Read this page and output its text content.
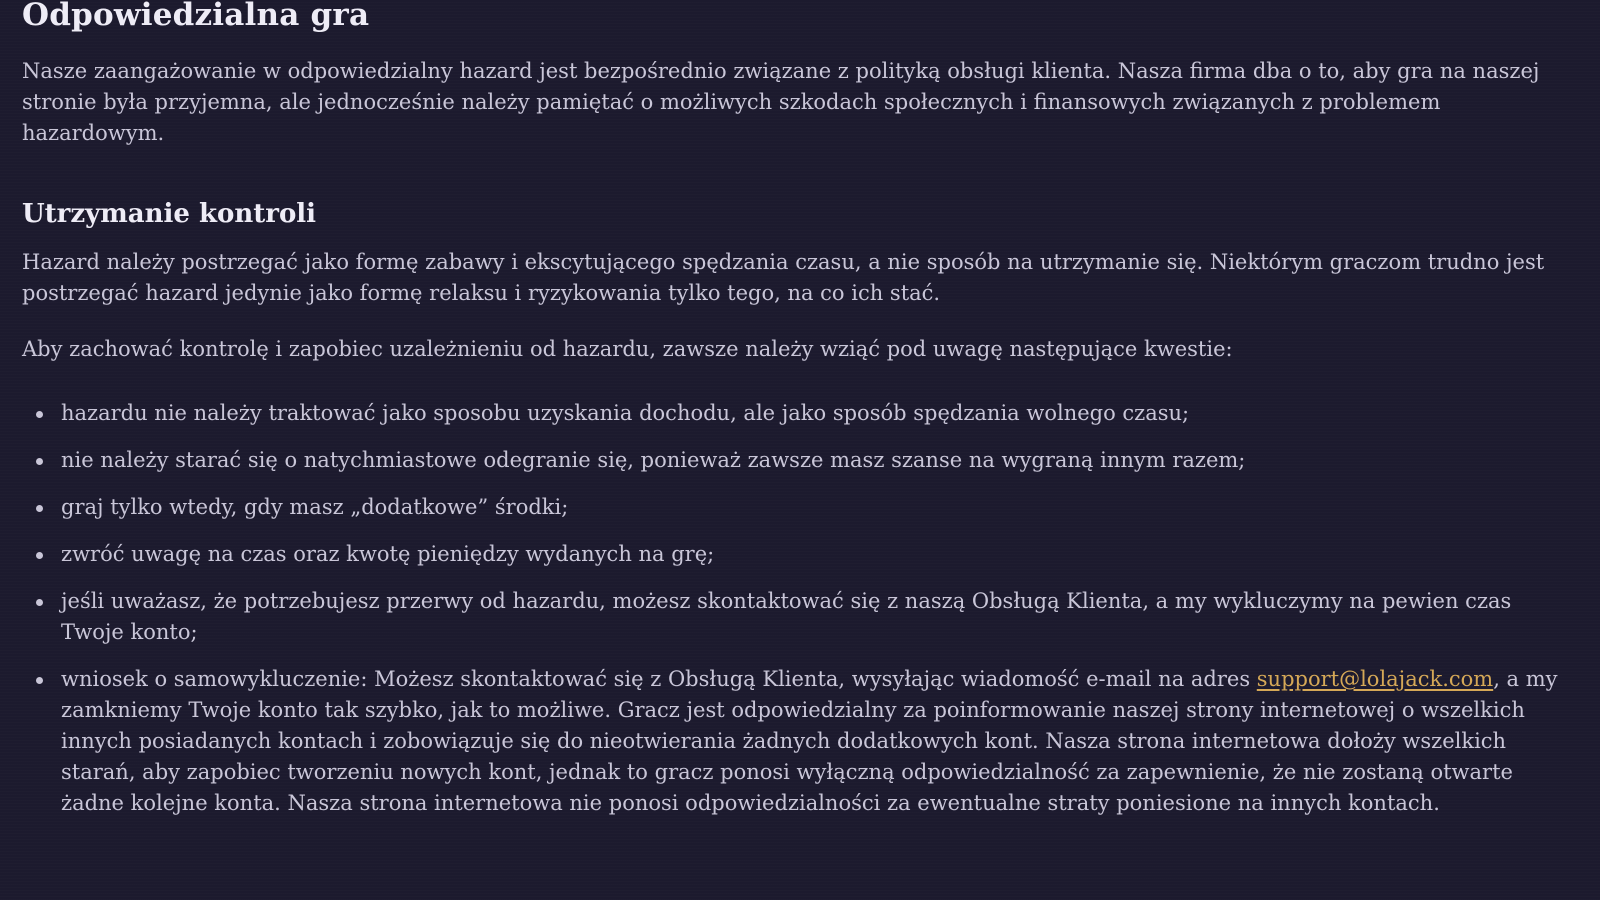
Odpowiedzialna gra

Nasze zaangażowanie w odpowiedzialny hazard jest bezpośrednio związane z polityką obsługi klienta. Nasza firma dba o to, aby gra na naszej stronie była przyjemna, ale jednocześnie należy pamiętać o możliwych szkodach społecznych i finansowych związanych z problemem hazardowym.

Utrzymanie kontroli

Hazard należy postrzegać jako formę zabawy i ekscytującego spędzania czasu, a nie sposób na utrzymanie się. Niektórym graczom trudno jest postrzegać hazard jedynie jako formę relaksu i ryzykowania tylko tego, na co ich stać.

Aby zachować kontrolę i zapobiec uzależnieniu od hazardu, zawsze należy wziąć pod uwagę następujące kwestie:

hazardu nie należy traktować jako sposobu uzyskania dochodu, ale jako sposób spędzania wolnego czasu;
nie należy starać się o natychmiastowe odegranie się, ponieważ zawsze masz szanse na wygraną innym razem;
graj tylko wtedy, gdy masz „dodatkowe” środki;
zwróć uwagę na czas oraz kwotę pieniędzy wydanych na grę;
jeśli uważasz, że potrzebujesz przerwy od hazardu, możesz skontaktować się z naszą Obsługą Klienta, a my wykluczymy na pewien czas Twoje konto;
wniosek o samowykluczenie: Możesz skontaktować się z Obsługą Klienta, wysyłając wiadomość e-mail na adres support@lolajack.com, a my zamkniemy Twoje konto tak szybko, jak to możliwe. Gracz jest odpowiedzialny za poinformowanie naszej strony internetowej o wszelkich innych posiadanych kontach i zobowiązuje się do nieotwierania żadnych dodatkowych kont. Nasza strona internetowa dołoży wszelkich starań, aby zapobiec tworzeniu nowych kont, jednak to gracz ponosi wyłączną odpowiedzialność za zapewnienie, że nie zostaną otwarte żadne kolejne konta. Nasza strona internetowa nie ponosi odpowiedzialności za ewentualne straty poniesione na innych kontach.
